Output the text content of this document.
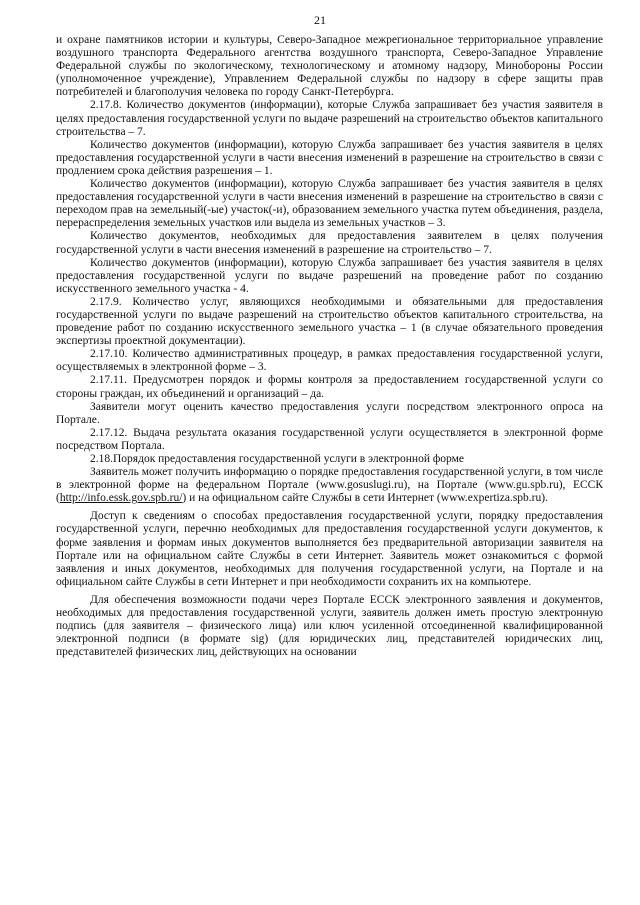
21

и охране памятников истории и культуры, Северо-Западное межрегиональное территориальное управление воздушного транспорта Федерального агентства воздушного транспорта, Северо-Западное Управление Федеральной службы по экологическому, технологическому и атомному надзору, Минобороны России (уполномоченное учреждение), Управлением Федеральной службы по надзору в сфере защиты прав потребителей и благополучия человека по городу Санкт-Петербурга.

2.17.8. Количество документов (информации), которые Служба запрашивает без участия заявителя в целях предоставления государственной услуги по выдаче разрешений на строительство объектов капитального строительства – 7.

Количество документов (информации), которую Служба запрашивает без участия заявителя в целях предоставления государственной услуги в части внесения изменений в разрешение на строительство в связи с продлением срока действия разрешения – 1.

Количество документов (информации), которую Служба запрашивает без участия заявителя в целях предоставления государственной услуги в части внесения изменений в разрешение на строительство в связи с переходом прав на земельный(-ые) участок(-и), образованием земельного участка путем объединения, раздела, перераспределения земельных участков или выдела из земельных участков – 3.

Количество документов, необходимых для предоставления заявителем в целях получения государственной услуги в части внесения изменений в разрешение на строительство – 7.

Количество документов (информации), которую Служба запрашивает без участия заявителя в целях предоставления государственной услуги по выдаче разрешений на проведение работ по созданию искусственного земельного участка - 4.

2.17.9. Количество услуг, являющихся необходимыми и обязательными для предоставления государственной услуги по выдаче разрешений на строительство объектов капитального строительства, на проведение работ по созданию искусственного земельного участка – 1 (в случае обязательного проведения экспертизы проектной документации).

2.17.10. Количество административных процедур, в рамках предоставления государственной услуги, осуществляемых в электронной форме – 3.

2.17.11. Предусмотрен порядок и формы контроля за предоставлением государственной услуги со стороны граждан, их объединений и организаций – да.

Заявители могут оценить качество предоставления услуги посредством электронного опроса на Портале.

2.17.12. Выдача результата оказания государственной услуги осуществляется в электронной форме посредством Портала.

2.18.Порядок предоставления государственной услуги в электронной форме

Заявитель может получить информацию о порядке предоставления государственной услуги, в том числе в электронной форме на федеральном Портале (www.gosuslugi.ru), на Портале (www.gu.spb.ru), ЕССК (http://info.essk.gov.spb.ru/) и на официальном сайте Службы в сети Интернет (www.expertiza.spb.ru).

Доступ к сведениям о способах предоставления государственной услуги, порядку предоставления государственной услуги, перечню необходимых для предоставления государственной услуги документов, к форме заявления и формам иных документов выполняется без предварительной авторизации заявителя на Портале или на официальном сайте Службы в сети Интернет. Заявитель может ознакомиться с формой заявления и иных документов, необходимых для получения государственной услуги, на Портале и на официальном сайте Службы в сети Интернет и при необходимости сохранить их на компьютере.

Для обеспечения возможности подачи через Портале ЕССК электронного заявления и документов, необходимых для предоставления государственной услуги, заявитель должен иметь простую электронную подпись (для заявителя – физического лица) или ключ усиленной отсоединенной квалифицированной электронной подписи (в формате sig) (для юридических лиц, представителей юридических лиц, представителей физических лиц, действующих на основании
